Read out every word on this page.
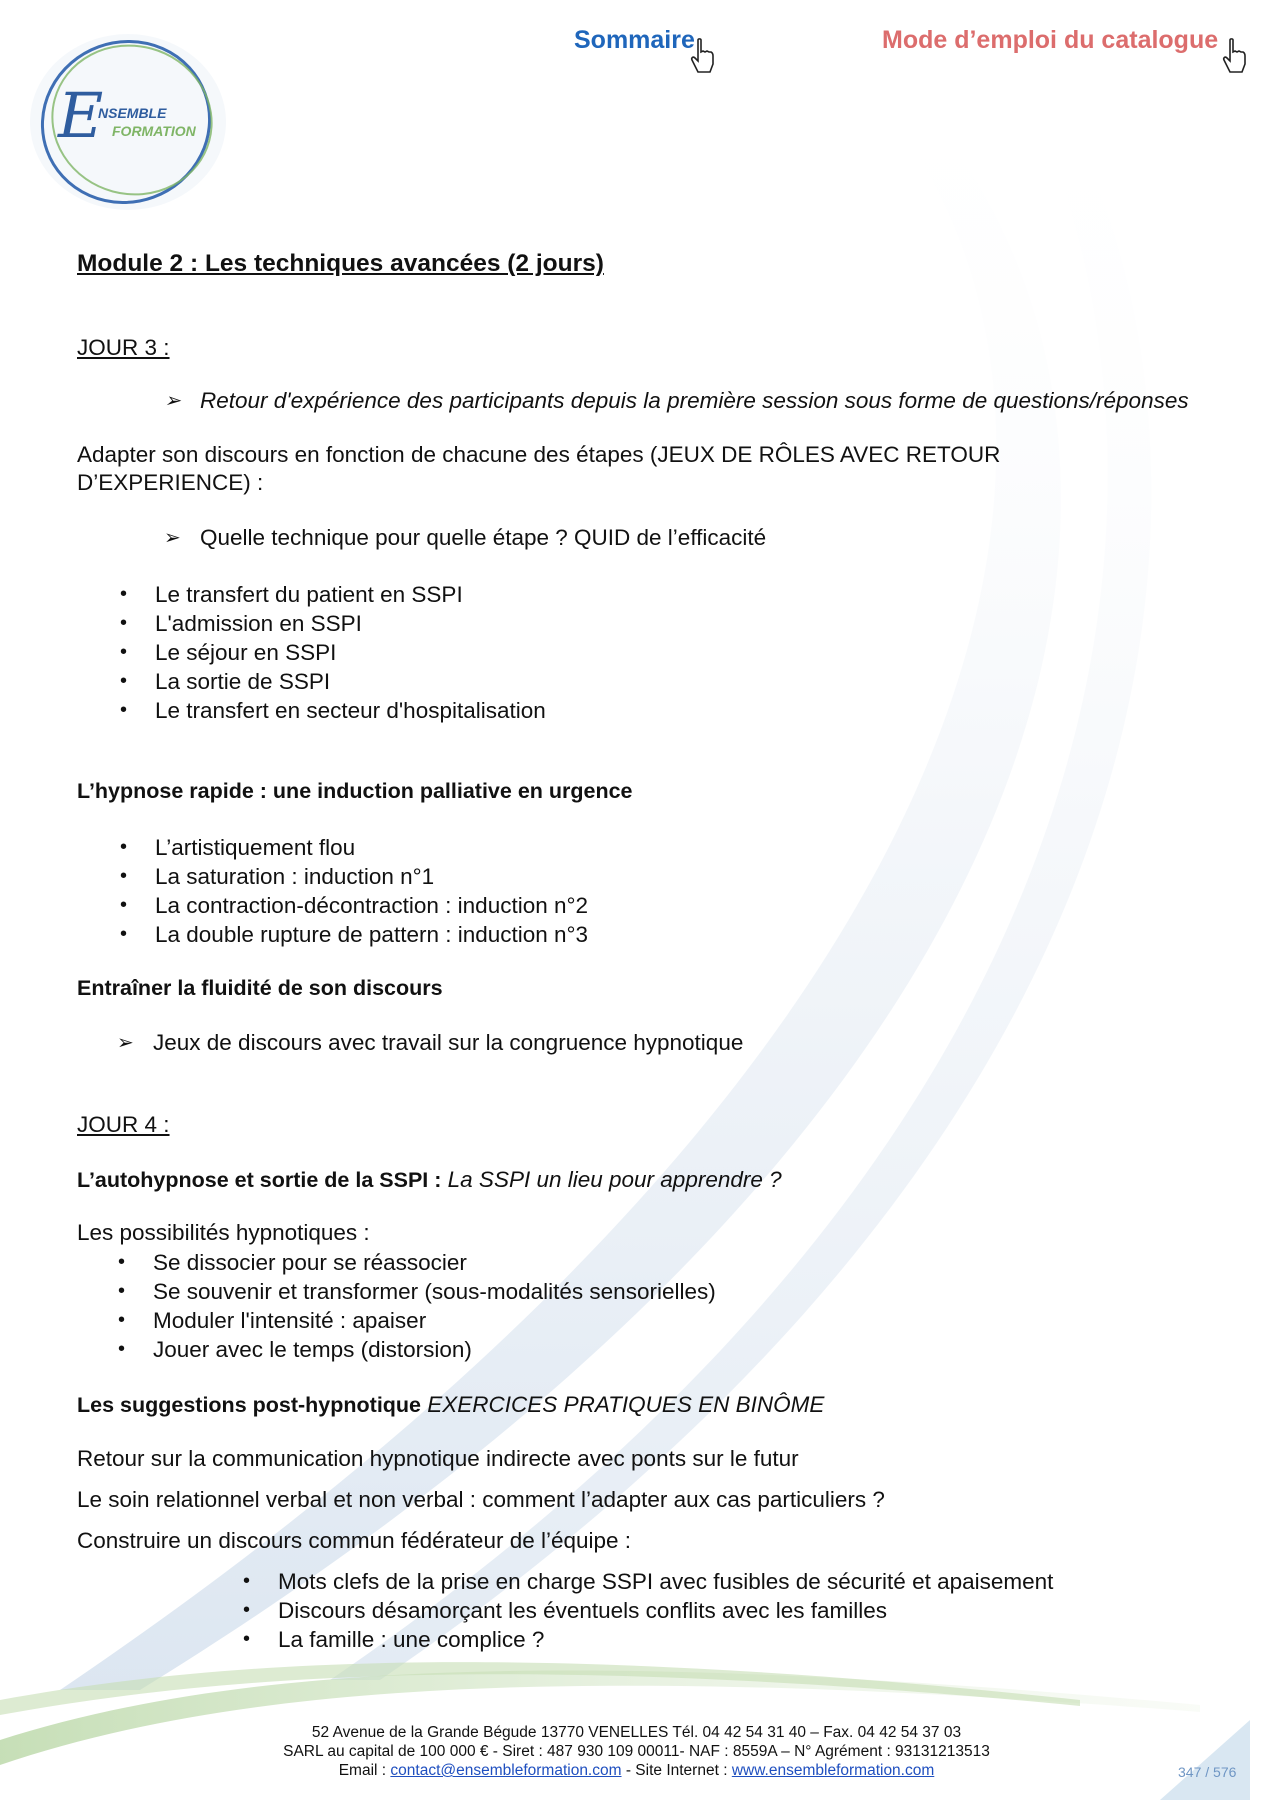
E
NSEMBLE
FORMATION
Sommaire	Mode d’emploi du catalogue
Module 2 : Les techniques avancées (2 jours)
JOUR 3 :
➢ Retour d'expérience des participants depuis la première session sous forme de questions/réponses
Adapter son discours en fonction de chacune des étapes (JEUX DE RÔLES AVEC RETOUR D’EXPERIENCE) :
➢ Quelle technique pour quelle étape ? QUID de l’efficacité
• Le transfert du patient en SSPI
• L'admission en SSPI
• Le séjour en SSPI
• La sortie de SSPI
• Le transfert en secteur d'hospitalisation
L’hypnose rapide : une induction palliative en urgence
• L’artistiquement flou
• La saturation : induction n°1
• La contraction-décontraction : induction n°2
• La double rupture de pattern : induction n°3
Entraîner la fluidité de son discours
➢ Jeux de discours avec travail sur la congruence hypnotique
JOUR 4 :
L’autohypnose et sortie de la SSPI : La SSPI un lieu pour apprendre ?
Les possibilités hypnotiques :
• Se dissocier pour se réassocier
• Se souvenir et transformer (sous-modalités sensorielles)
• Moduler l'intensité : apaiser
• Jouer avec le temps (distorsion)
Les suggestions post-hypnotique EXERCICES PRATIQUES EN BINÔME
Retour sur la communication hypnotique indirecte avec ponts sur le futur
Le soin relationnel verbal et non verbal : comment l’adapter aux cas particuliers ?
Construire un discours commun fédérateur de l’équipe :
• Mots clefs de la prise en charge SSPI avec fusibles de sécurité et apaisement
• Discours désamorçant les éventuels conflits avec les familles
• La famille : une complice ?
52 Avenue de la Grande Bégude 13770 VENELLES Tél. 04 42 54 31 40 – Fax. 04 42 54 37 03
SARL au capital de 100 000 € - Siret : 487 930 109 00011- NAF : 8559A – N° Agrément : 93131213513
Email : contact@ensembleformation.com - Site Internet : www.ensembleformation.com	347 / 576
